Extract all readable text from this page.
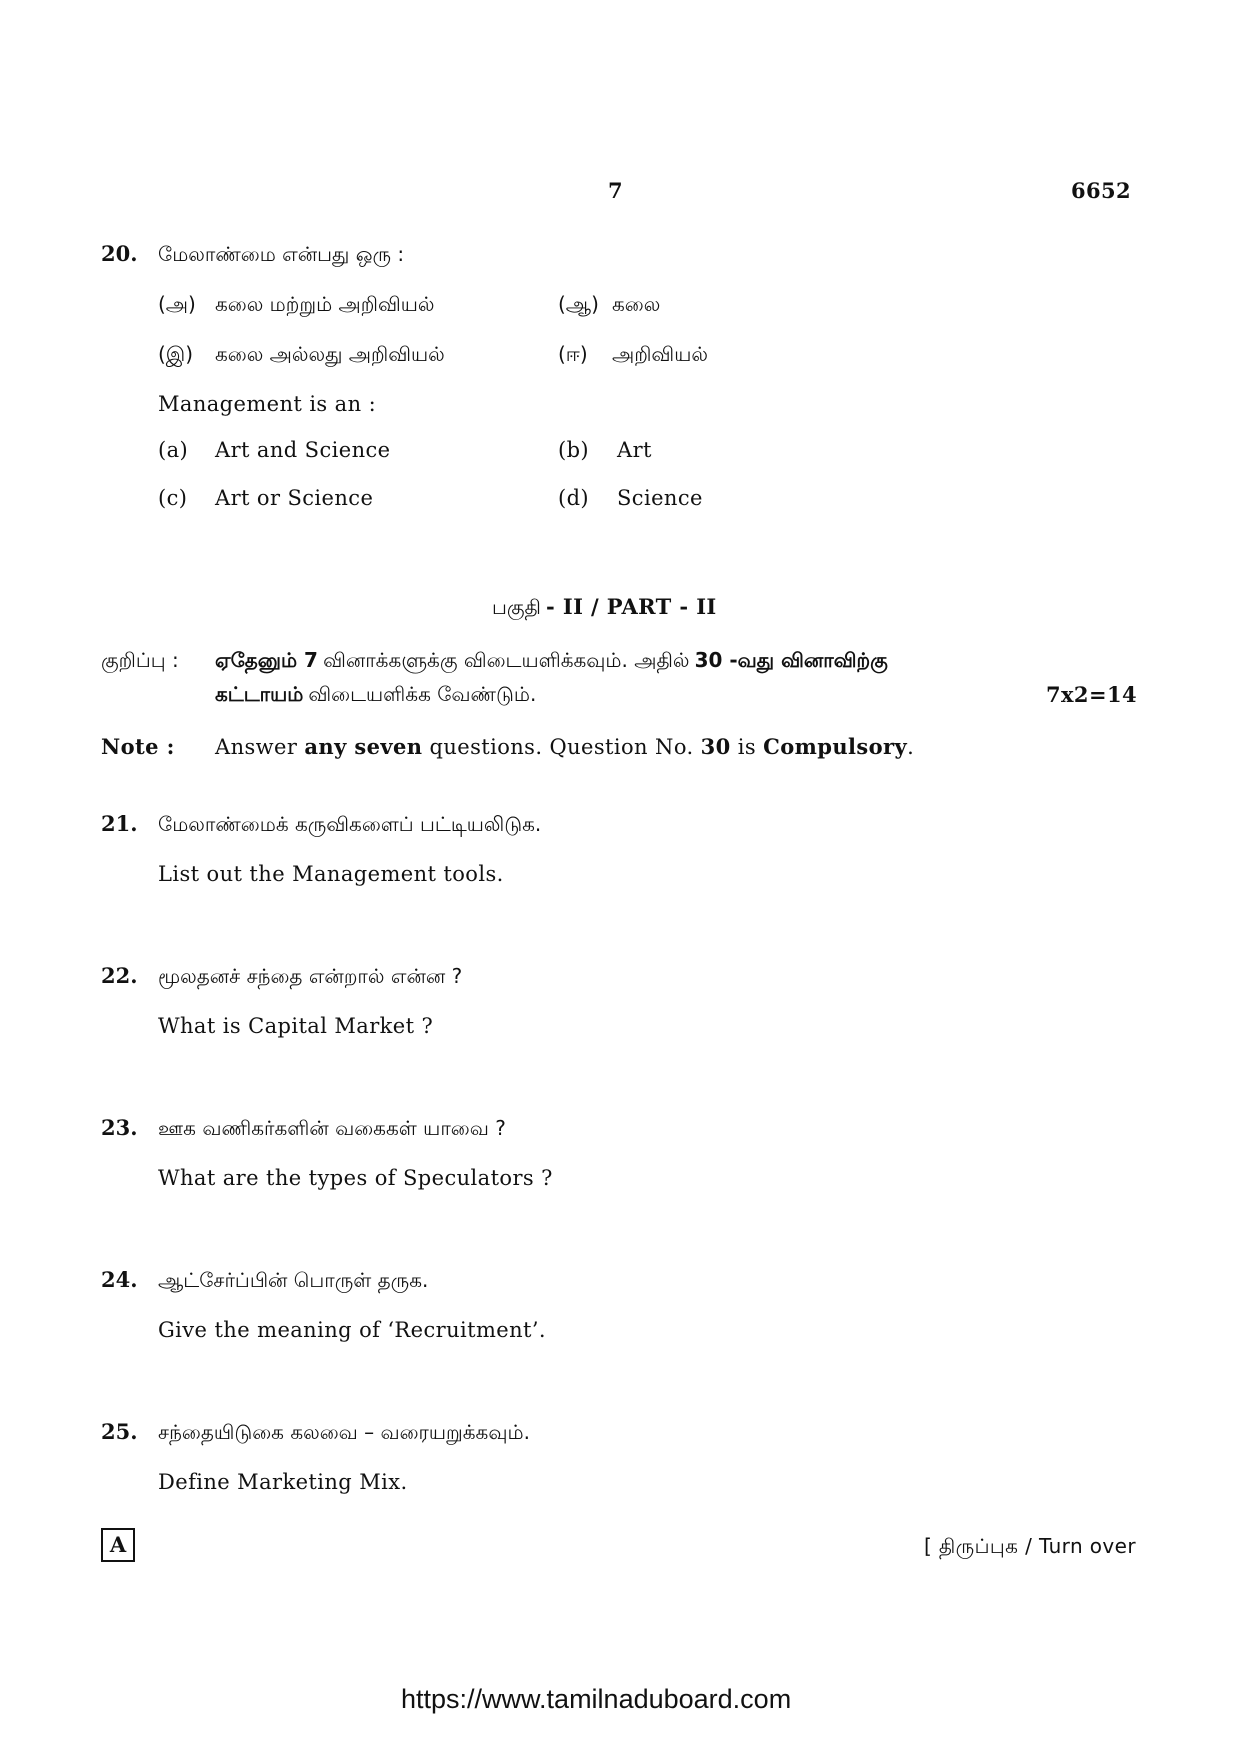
7	6652
20. மேலாண்மை என்பது ஒரு :
(அ) கலை மற்றும் அறிவியல்	(ஆ) கலை
(இ) கலை அல்லது அறிவியல்	(ஈ) அறிவியல்
Management is an :
(a) Art and Science	(b) Art
(c) Art or Science	(d) Science
பகுதி - II / PART - II
குறிப்பு : ஏதேனும் 7 வினாக்களுக்கு விடையளிக்கவும். அதில் 30 -வது வினாவிற்கு
கட்டாயம் விடையளிக்க வேண்டும்.	7x2=14
Note : Answer any seven questions. Question No. 30 is Compulsory.
21. மேலாண்மைக் கருவிகளைப் பட்டியலிடுக.
List out the Management tools.
22. மூலதனச் சந்தை என்றால் என்ன ?
What is Capital Market ?
23. ஊக வணிகர்களின் வகைகள் யாவை ?
What are the types of Speculators ?
24. ஆட்சேர்ப்பின் பொருள் தருக.
Give the meaning of ‘Recruitment’.
25. சந்தையிடுகை கலவை – வரையறுக்கவும்.
Define Marketing Mix.
A	[ திருப்புக / Turn over
https://www.tamilnaduboard.com
